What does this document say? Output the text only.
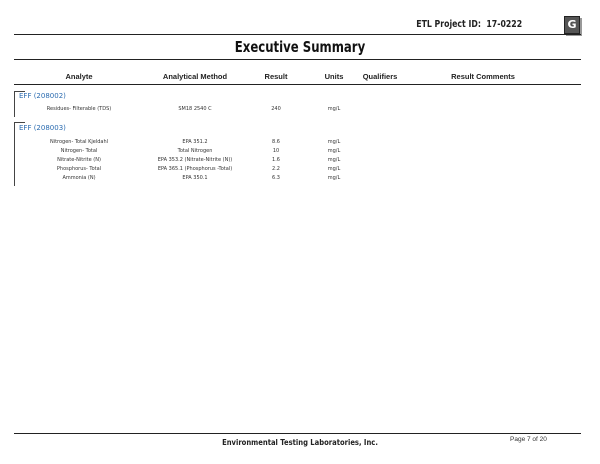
ETL Project ID: 17-0222	G
Executive Summary
Analyte	Analytical Method	Result	Units	Qualifiers	Result Comments
EFF (208002)
Residues- Filterable (TDS)	SM18 2540 C	240	mg/L
EFF (208003)
Nitrogen- Total Kjeldahl	EPA 351.2	8.6	mg/L
Nitrogen- Total	Total Nitrogen	10	mg/L
Nitrate-Nitrite (N)	EPA 353.2 (Nitrate-Nitrite (N))	1.6	mg/L
Phosphorus- Total	EPA 365.1 (Phosphorus -Total)	2.2	mg/L
Ammonia (N)	EPA 350.1	6.3	mg/L
Environmental Testing Laboratories, Inc.	Page 7 of 20
